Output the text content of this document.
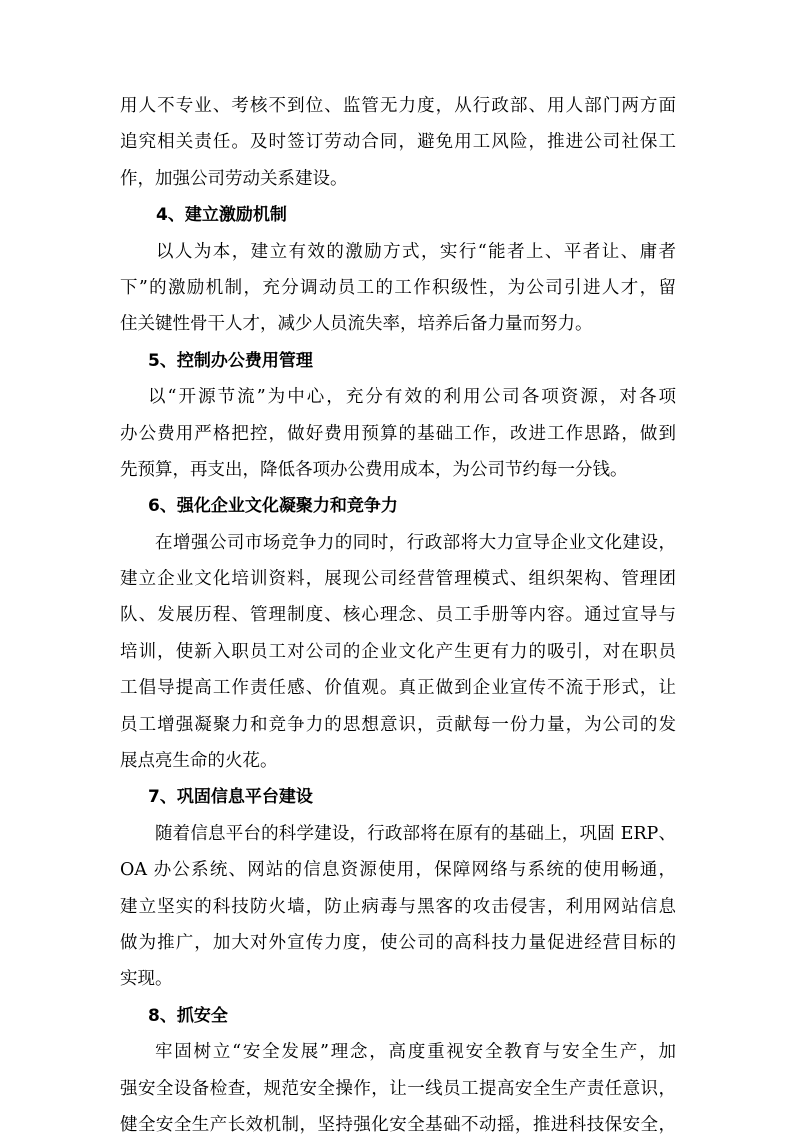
用人不专业、考核不到位、监管无力度，从行政部、用人部门两方面
追究相关责任。及时签订劳动合同，避免用工风险，推进公司社保工
作，加强公司劳动关系建设。
4、建立激励机制
以人为本，建立有效的激励方式，实行“能者上、平者让、庸者
下”的激励机制，充分调动员工的工作积级性，为公司引进人才，留
住关键性骨干人才，减少人员流失率，培养后备力量而努力。
5、控制办公费用管理
以“开源节流”为中心，充分有效的利用公司各项资源，对各项
办公费用严格把控，做好费用预算的基础工作，改进工作思路，做到
先预算，再支出，降低各项办公费用成本，为公司节约每一分钱。
6、强化企业文化凝聚力和竞争力
在增强公司市场竞争力的同时，行政部将大力宣导企业文化建设，
建立企业文化培训资料，展现公司经营管理模式、组织架构、管理团
队、发展历程、管理制度、核心理念、员工手册等内容。通过宣导与
培训，使新入职员工对公司的企业文化产生更有力的吸引，对在职员
工倡导提高工作责任感、价值观。真正做到企业宣传不流于形式，让
员工增强凝聚力和竞争力的思想意识，贡献每一份力量，为公司的发
展点亮生命的火花。
7、巩固信息平台建设
随着信息平台的科学建设，行政部将在原有的基础上，巩固 ERP、
OA 办公系统、网站的信息资源使用，保障网络与系统的使用畅通，
建立坚实的科技防火墙，防止病毒与黑客的攻击侵害，利用网站信息
做为推广，加大对外宣传力度，使公司的高科技力量促进经营目标的
实现。
8、抓安全
牢固树立“安全发展”理念，高度重视安全教育与安全生产，加
强安全设备检查，规范安全操作，让一线员工提高安全生产责任意识，
健全安全生产长效机制，坚持强化安全基础不动摇，推进科技保安全，
